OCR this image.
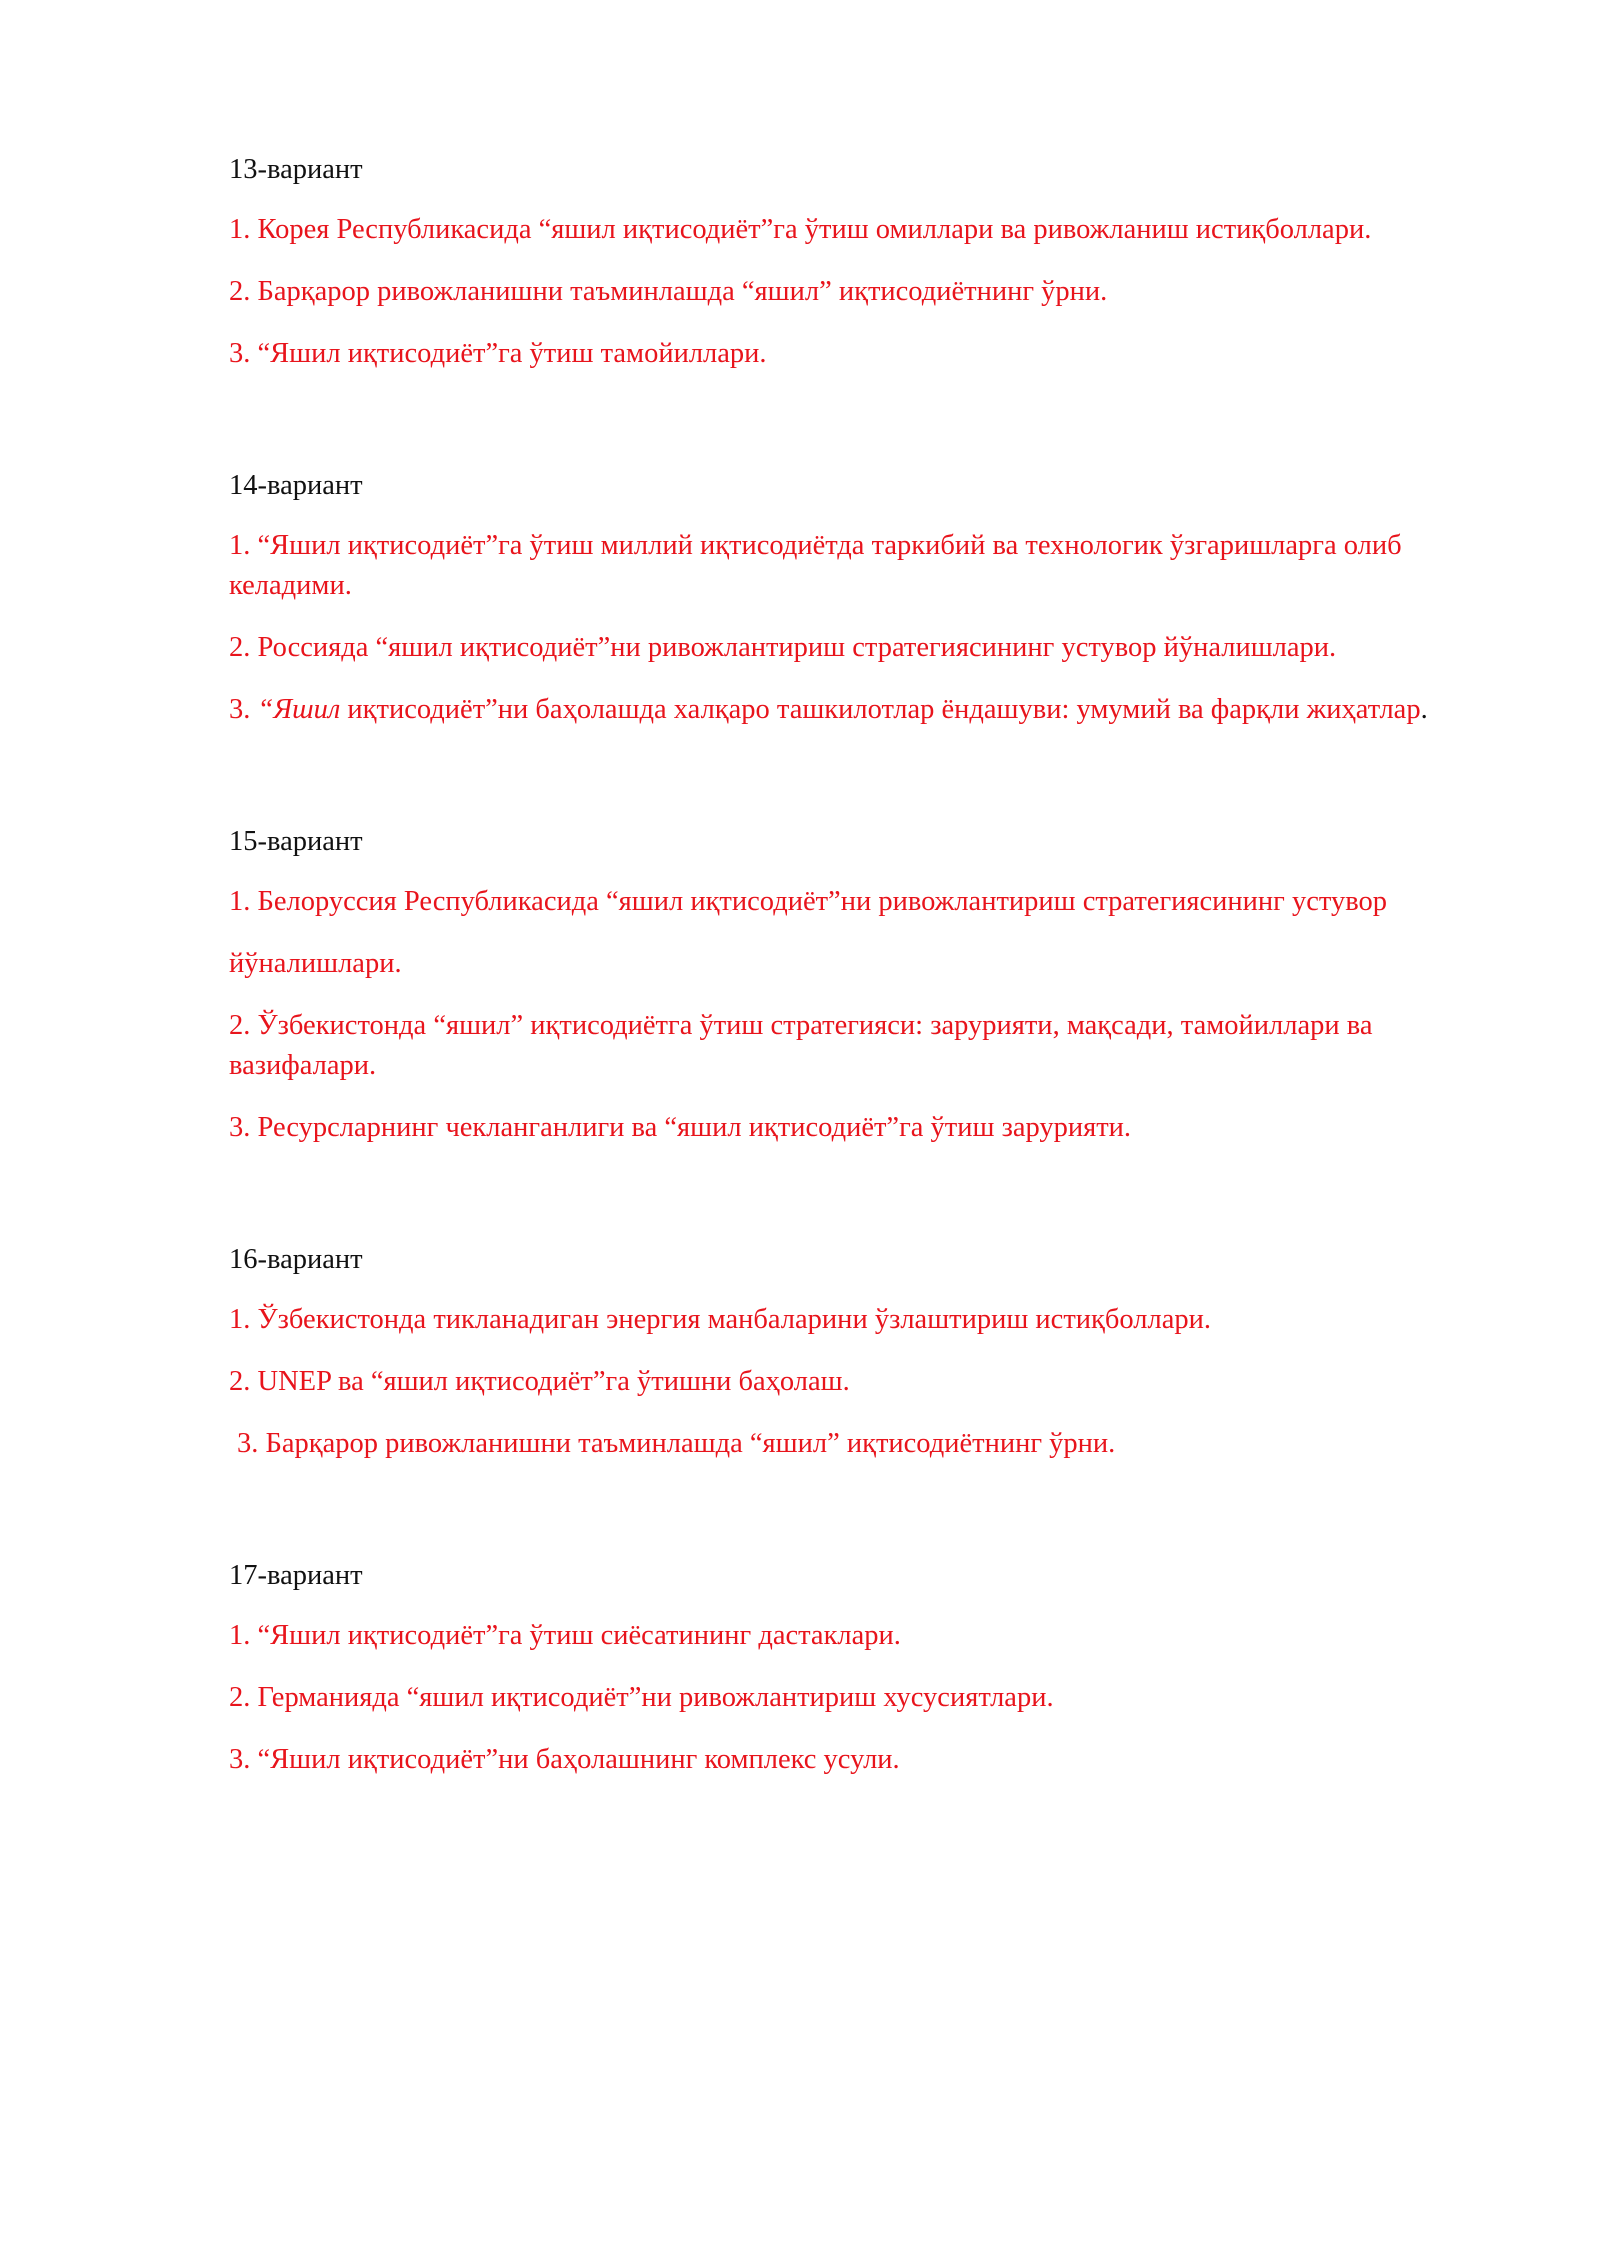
13-вариант
1. Корея Республикасида “яшил иқтисодиёт”га ўтиш омиллари ва ривожланиш истиқболлари.
2. Барқарор ривожланишни таъминлашда “яшил” иқтисодиётнинг ўрни.
3. “Яшил иқтисодиёт”га ўтиш тамойиллари.
14-вариант
1. “Яшил иқтисодиёт”га ўтиш миллий иқтисодиётда таркибий ва технологик ўзгаришларга олиб келадими.
2. Россияда “яшил иқтисодиёт”ни ривожлантириш стратегиясининг устувор йўналишлари.
3. “Яшил иқтисодиёт”ни баҳолашда халқаро ташкилотлар ёндашуви: умумий ва фарқли жиҳатлар.
15-вариант
1. Белоруссия Республикасида “яшил иқтисодиёт”ни ривожлантириш стратегиясининг устувор
йўналишлари.
2. Ўзбекистонда “яшил” иқтисодиётга ўтиш стратегияси: зарурияти, мақсади, тамойиллари ва вазифалари.
3. Ресурсларнинг чекланганлиги ва “яшил иқтисодиёт”га ўтиш зарурияти.
16-вариант
1. Ўзбекистонда тикланадиган энергия манбаларини ўзлаштириш истиқболлари.
2. UNEP ва “яшил иқтисодиёт”га ўтишни баҳолаш.
3. Барқарор ривожланишни таъминлашда “яшил” иқтисодиётнинг ўрни.
17-вариант
1. “Яшил иқтисодиёт”га ўтиш сиёсатининг дастаклари.
2. Германияда “яшил иқтисодиёт”ни ривожлантириш хусусиятлари.
3. “Яшил иқтисодиёт”ни баҳолашнинг комплекс усули.
